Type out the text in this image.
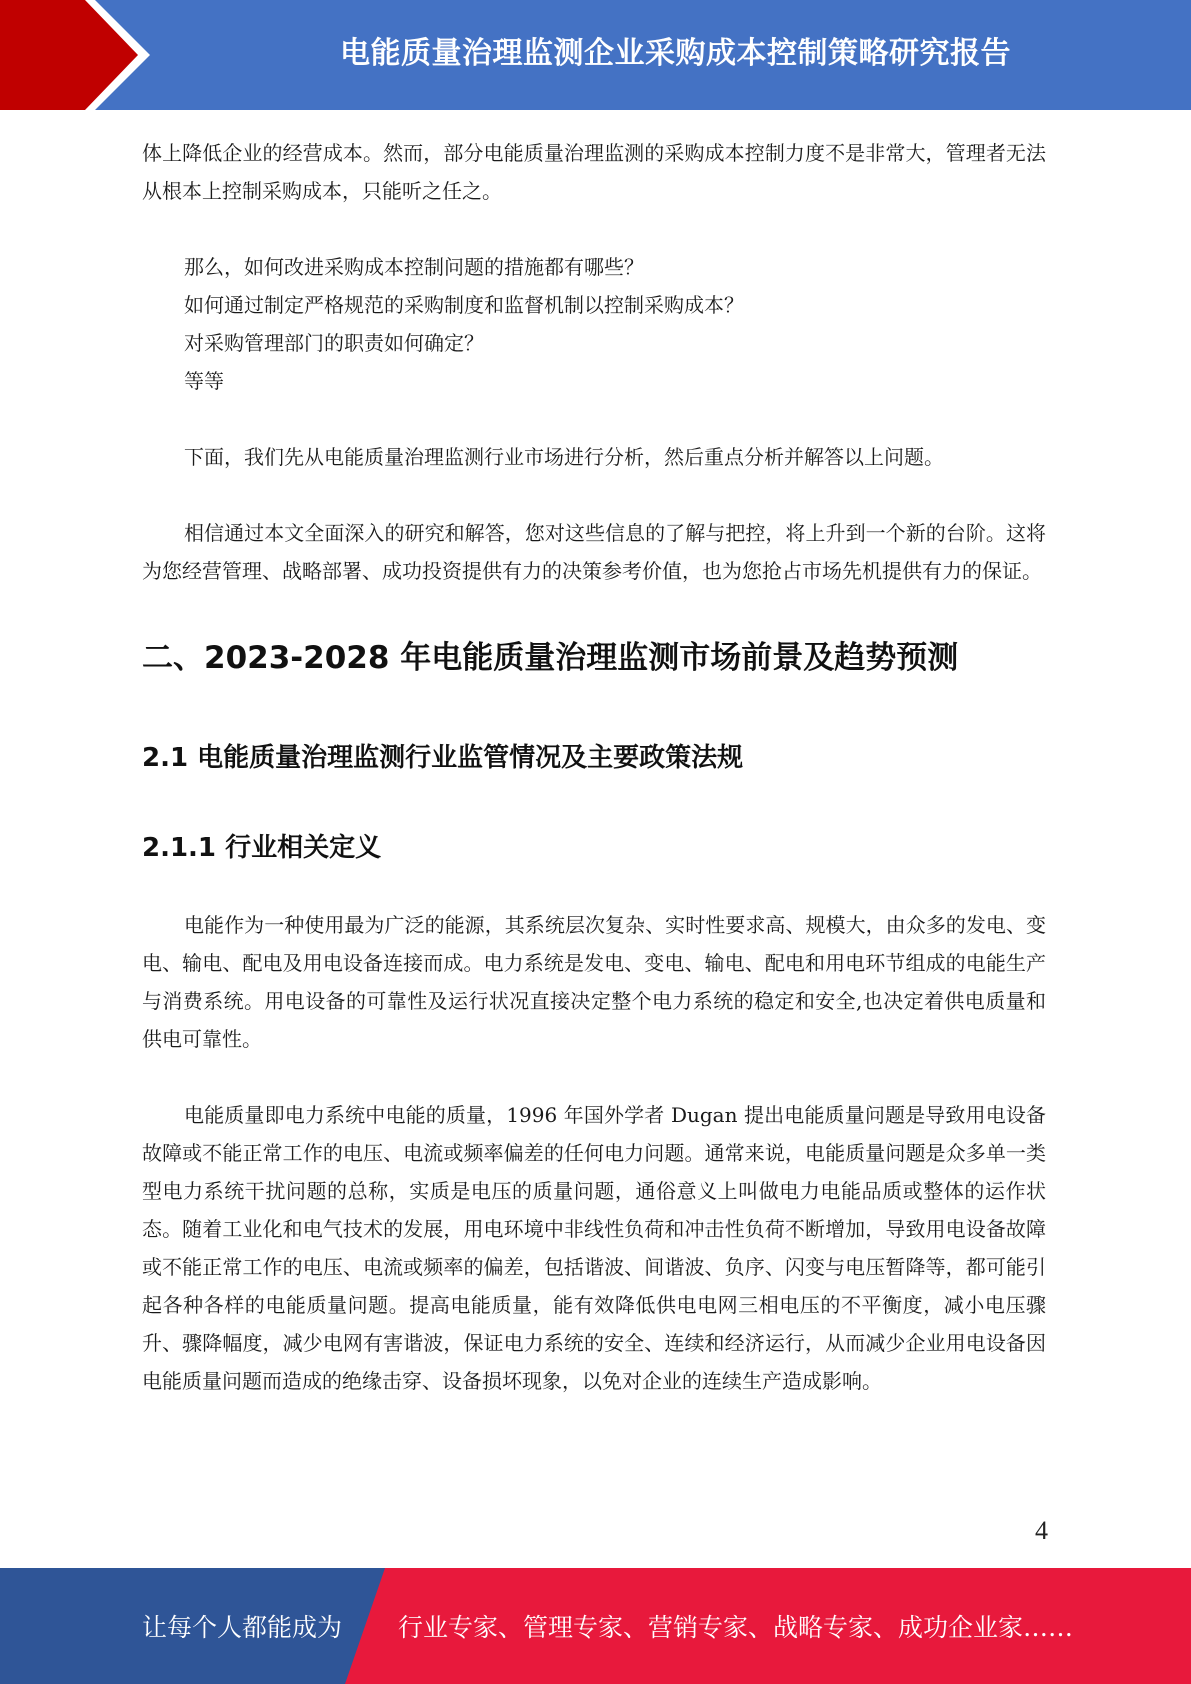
电能质量治理监测企业采购成本控制策略研究报告

体上降低企业的经营成本。然而，部分电能质量治理监测的采购成本控制力度不是非常大，管理者无法从根本上控制采购成本，只能听之任之。

那么，如何改进采购成本控制问题的措施都有哪些？
如何通过制定严格规范的采购制度和监督机制以控制采购成本？
对采购管理部门的职责如何确定？
等等

下面，我们先从电能质量治理监测行业市场进行分析，然后重点分析并解答以上问题。

相信通过本文全面深入的研究和解答，您对这些信息的了解与把控，将上升到一个新的台阶。这将为您经营管理、战略部署、成功投资提供有力的决策参考价值，也为您抢占市场先机提供有力的保证。

二、2023-2028 年电能质量治理监测市场前景及趋势预测
2.1 电能质量治理监测行业监管情况及主要政策法规
2.1.1 行业相关定义

电能作为一种使用最为广泛的能源，其系统层次复杂、实时性要求高、规模大，由众多的发电、变电、输电、配电及用电设备连接而成。电力系统是发电、变电、输电、配电和用电环节组成的电能生产与消费系统。用电设备的可靠性及运行状况直接决定整个电力系统的稳定和安全,也决定着供电质量和供电可靠性。

电能质量即电力系统中电能的质量，1996 年国外学者 Dugan 提出电能质量问题是导致用电设备故障或不能正常工作的电压、电流或频率偏差的任何电力问题。通常来说，电能质量问题是众多单一类型电力系统干扰问题的总称，实质是电压的质量问题，通俗意义上叫做电力电能品质或整体的运作状态。随着工业化和电气技术的发展，用电环境中非线性负荷和冲击性负荷不断增加，导致用电设备故障或不能正常工作的电压、电流或频率的偏差，包括谐波、间谐波、负序、闪变与电压暂降等，都可能引起各种各样的电能质量问题。提高电能质量，能有效降低供电电网三相电压的不平衡度，减小电压骤升、骤降幅度，减少电网有害谐波，保证电力系统的安全、连续和经济运行，从而减少企业用电设备因电能质量问题而造成的绝缘击穿、设备损坏现象，以免对企业的连续生产造成影响。

4
让每个人都能成为 行业专家、管理专家、营销专家、战略专家、成功企业家……
